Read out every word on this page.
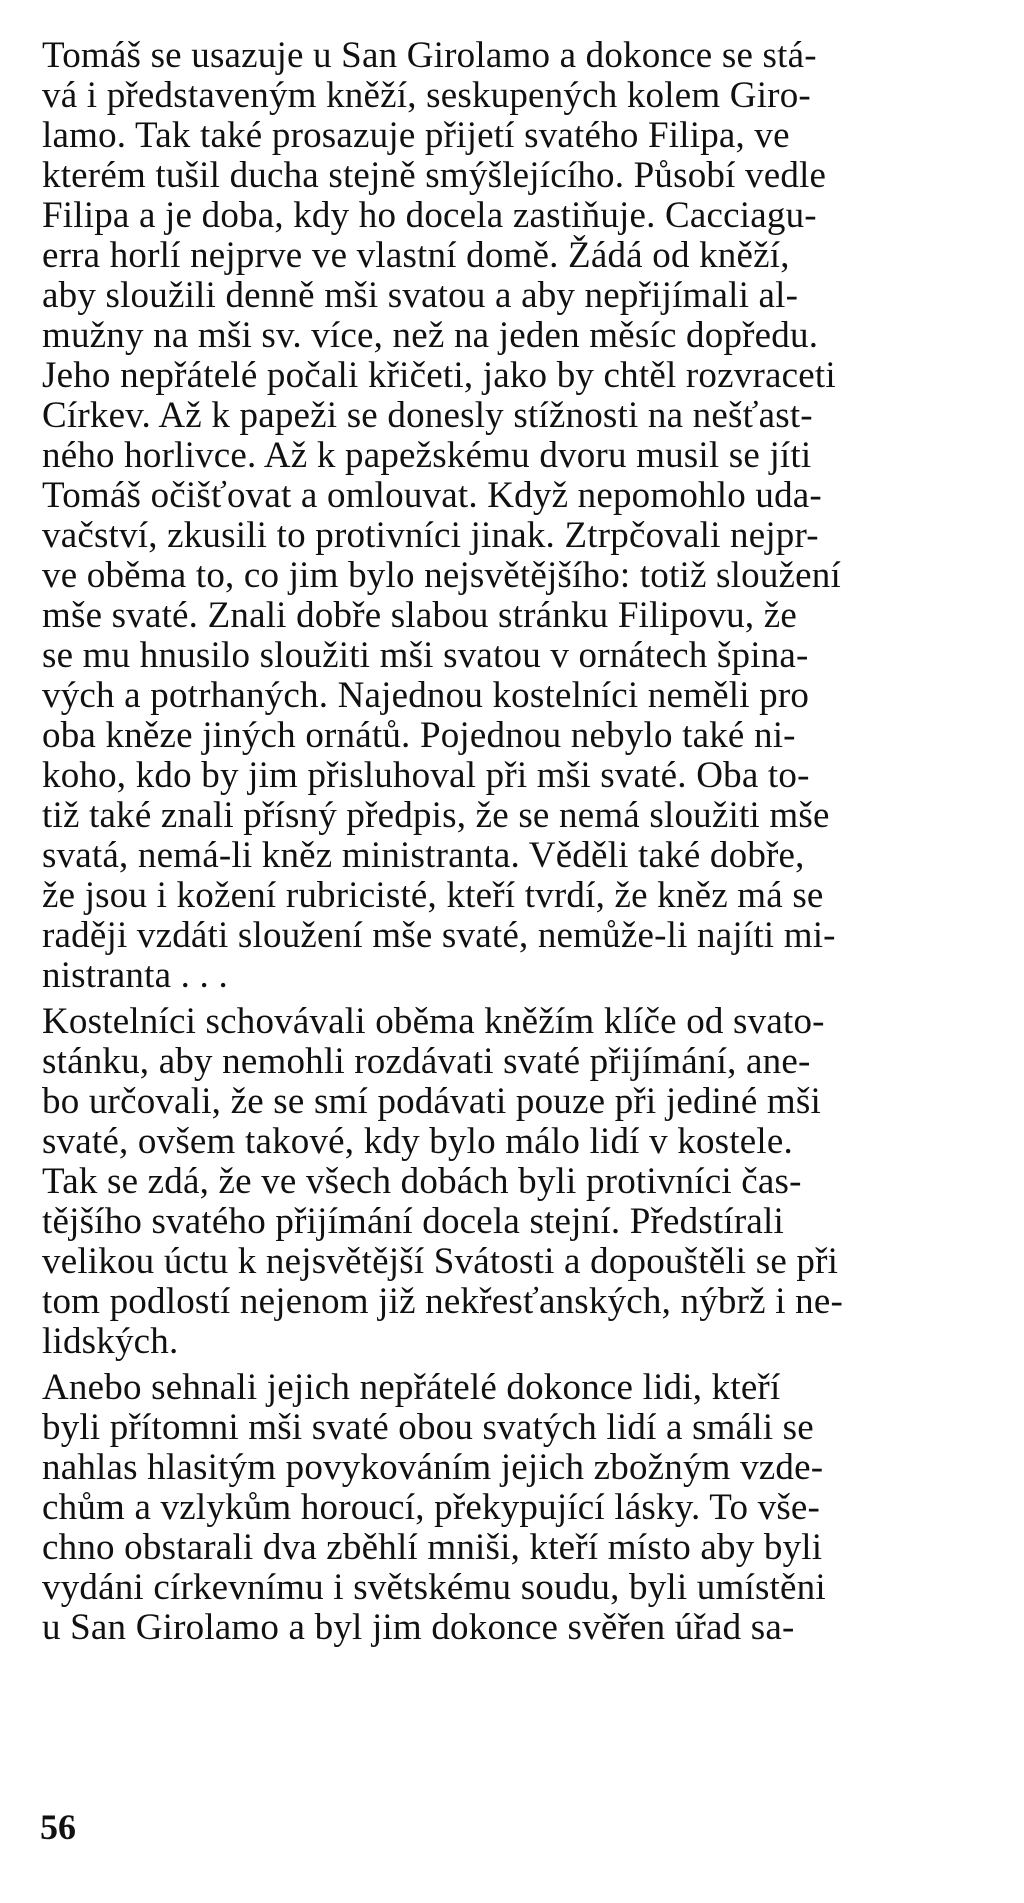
Tomáš se usazuje u San Girolamo a dokonce se stá-
vá i představeným kněží, seskupených kolem Giro-
lamo. Tak také prosazuje přijetí svatého Filipa, ve
kterém tušil ducha stejně smýšlejícího. Působí vedle
Filipa a je doba, kdy ho docela zastiňuje. Cacciagu-
erra horlí nejprve ve vlastní domě. Žádá od kněží,
aby sloužili denně mši svatou a aby nepřijímali al-
mužny na mši sv. více, než na jeden měsíc dopředu.
Jeho nepřátelé počali křičeti, jako by chtěl rozvraceti
Církev. Až k papeži se donesly stížnosti na nešťast-
ného horlivce. Až k papežskému dvoru musil se jíti
Tomáš očišťovat a omlouvat. Když nepomohlo uda-
vačství, zkusili to protivníci jinak. Ztrpčovali nejpr-
ve oběma to, co jim bylo nejsvětějšího: totiž sloužení
mše svaté. Znali dobře slabou stránku Filipovu, že
se mu hnusilo sloužiti mši svatou v ornátech špina-
vých a potrhaných. Najednou kostelníci neměli pro
oba kněze jiných ornátů. Pojednou nebylo také ni-
koho, kdo by jim přisluhoval při mši svaté. Oba to-
tiž také znali přísný předpis, že se nemá sloužiti mše
svatá, nemá-li kněz ministranta. Věděli také dobře,
že jsou i kožení rubricisté, kteří tvrdí, že kněz má se
raději vzdáti sloužení mše svaté, nemůže-li najíti mi-
nistranta . . .
Kostelníci schovávali oběma kněžím klíče od svato-
stánku, aby nemohli rozdávati svaté přijímání, ane-
bo určovali, že se smí podávati pouze při jediné mši
svaté, ovšem takové, kdy bylo málo lidí v kostele.
Tak se zdá, že ve všech dobách byli protivníci čas-
tějšího svatého přijímání docela stejní. Předstírali
velikou úctu k nejsvětější Svátosti a dopouštěli se při
tom podlostí nejenom již nekřesťanských, nýbrž i ne-
lidských.
Anebo sehnali jejich nepřátelé dokonce lidi, kteří
byli přítomni mši svaté obou svatých lidí a smáli se
nahlas hlasitým povykováním jejich zbožným vzde-
chům a vzlykům horoucí, překypující lásky. To vše-
chno obstarali dva zběhlí mniši, kteří místo aby byli
vydáni církevnímu i světskému soudu, byli umístěni
u San Girolamo a byl jim dokonce svěřen úřad sa-
56
